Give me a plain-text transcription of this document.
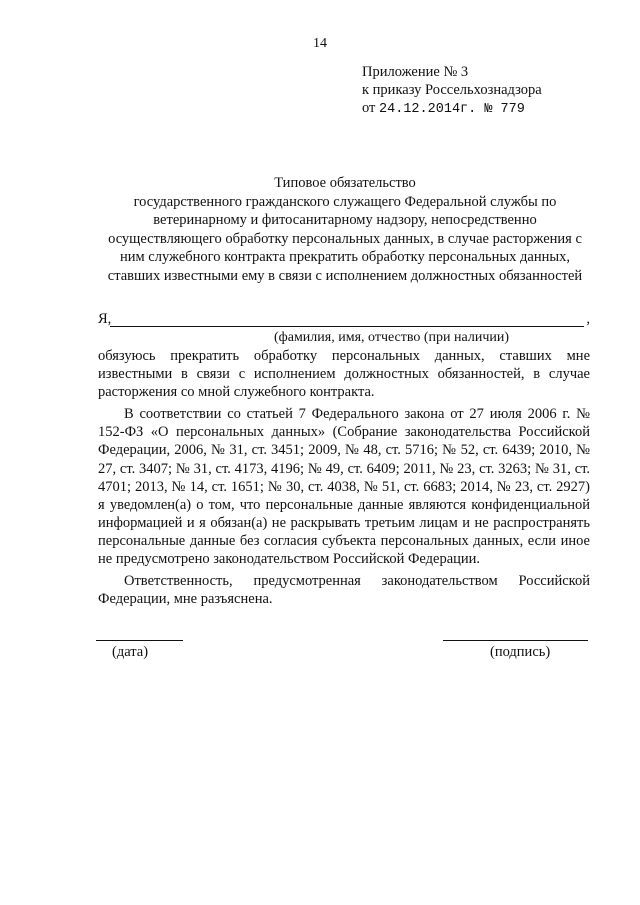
14
Приложение № 3
к приказу Россельхознадзора
от 24.12.2014г. № 779
Типовое обязательство
государственного гражданского служащего Федеральной службы по
ветеринарному и фитосанитарному надзору, непосредственно
осуществляющего обработку персональных данных, в случае расторжения с
ним служебного контракта прекратить обработку персональных данных,
ставших известными ему в связи с исполнением должностных обязанностей
Я,	,
(фамилия, имя, отчество (при наличии)

обязуюсь прекратить обработку персональных данных, ставших мне известными в связи с исполнением должностных обязанностей, в случае расторжения со мной служебного контракта.

В соответствии со статьей 7 Федерального закона от 27 июля 2006 г. № 152-ФЗ «О персональных данных» (Собрание законодательства Российской Федерации, 2006, № 31, ст. 3451; 2009, № 48, ст. 5716; № 52, ст. 6439; 2010, № 27, ст. 3407; № 31, ст. 4173, 4196; № 49, ст. 6409; 2011, № 23, ст. 3263; № 31, ст. 4701; 2013, № 14, ст. 1651; № 30, ст. 4038, № 51, ст. 6683; 2014, № 23, ст. 2927) я уведомлен(а) о том, что персональные данные являются конфиденциальной информацией и я обязан(а) не раскрывать третьим лицам и не распространять персональные данные без согласия субъекта персональных данных, если иное не предусмотрено законодательством Российской Федерации.

Ответственность, предусмотренная законодательством Российской Федерации, мне разъяснена.

(дата)	(подпись)
